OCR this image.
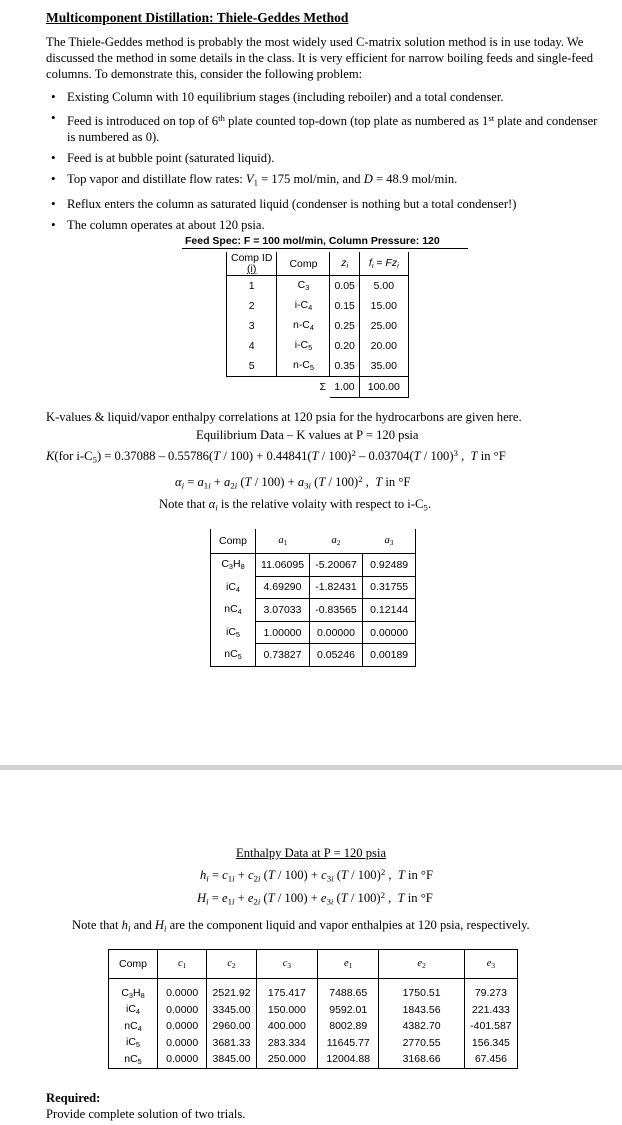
Multicomponent Distillation: Thiele-Geddes Method
The Thiele-Geddes method is probably the most widely used C-matrix solution method is in use today. We discussed the method in some details in the class. It is very efficient for narrow boiling feeds and single-feed columns. To demonstrate this, consider the following problem:
• Existing Column with 10 equilibrium stages (including reboiler) and a total condenser.
• Feed is introduced on top of 6th plate counted top-down (top plate as numbered as 1st plate and condenser is numbered as 0).
• Feed is at bubble point (saturated liquid).
• Top vapor and distillate flow rates: $V_1 = 175$ mol/min, and D = 48.9 mol/min.
• Reflux enters the column as saturated liquid (condenser is nothing but a total condenser!)
• The column operates at about 120 psia.
Feed Spec: F = 100 mol/min, Column Pressure: 120
Comp ID
(i)	Comp	$z_i$	$f_i = Fz_i$
1	$C_3$	0.05	5.00
2	$i-C_4$	0.15	15.00
3	$n-C_4$	0.25	25.00
4	$i-C_5$	0.20	20.00
5	$n-C_5$	0.35	35.00
	Σ	1.00	100.00
K-values & liquid/vapor enthalpy correlations at 120 psia for the hydrocarbons are given here.
Equilibrium Data – K values at P = 120 psia
K(for $i-C_5) = 0.37088 - 0.55786(T / 100) + 0.44841(T / 100)^2 - 0.03704(T / 100)^3$ ,  T in °F
$\alpha_i = a_{1i} + a_{2i}$ $(T / 100) + a_{3i}$ (T / 100)$^2$ ,  T in °F
Note that $\alpha_i$ is the relative volaity with respect to $i-C_5$.
Comp	$a_1$	$a_2$	$a_3$
$C_3H_8$	11.06095	-5.20067	0.92489
$iC_4$	4.69290	-1.82431	0.31755
$nC_4$	3.07033	-0.83565	0.12144
$iC_5$	1.00000	0.00000	0.00000
$nC_5$	0.73827	0.05246	0.00189
Enthalpy Data at P = 120 psia
$h_i = c_{1i} + c_{2i}$ $(T / 100) + c_{3i}$ (T / 100)$^2$ ,  T in °F
$H_i = e_{1i} + e_{2i}$ $(T / 100) + e_{3i}$ (T / 100)$^2$ ,  T in °F
Note that $h_i$ and $H_i$ are the component liquid and vapor enthalpies at 120 psia, respectively.
Comp	$c_1$	$c_2$	$c_3$	$e_1$	$e_2$	$e_3$

$C_3H_8$	0.0000	2521.92	175.417	7488.65	1750.51	79.273
$iC_4$	0.0000	3345.00	150.000	9592.01	1843.56	221.433
$nC_4$	0.0000	2960.00	400.000	8002.89	4382.70	-401.587
$iC_5$	0.0000	3681.33	283.334	11645.77	2770.55	156.345
$nC_5$	0.0000	3845.00	250.000	12004.88	3168.66	67.456
Required:
Provide complete solution of two trials.
